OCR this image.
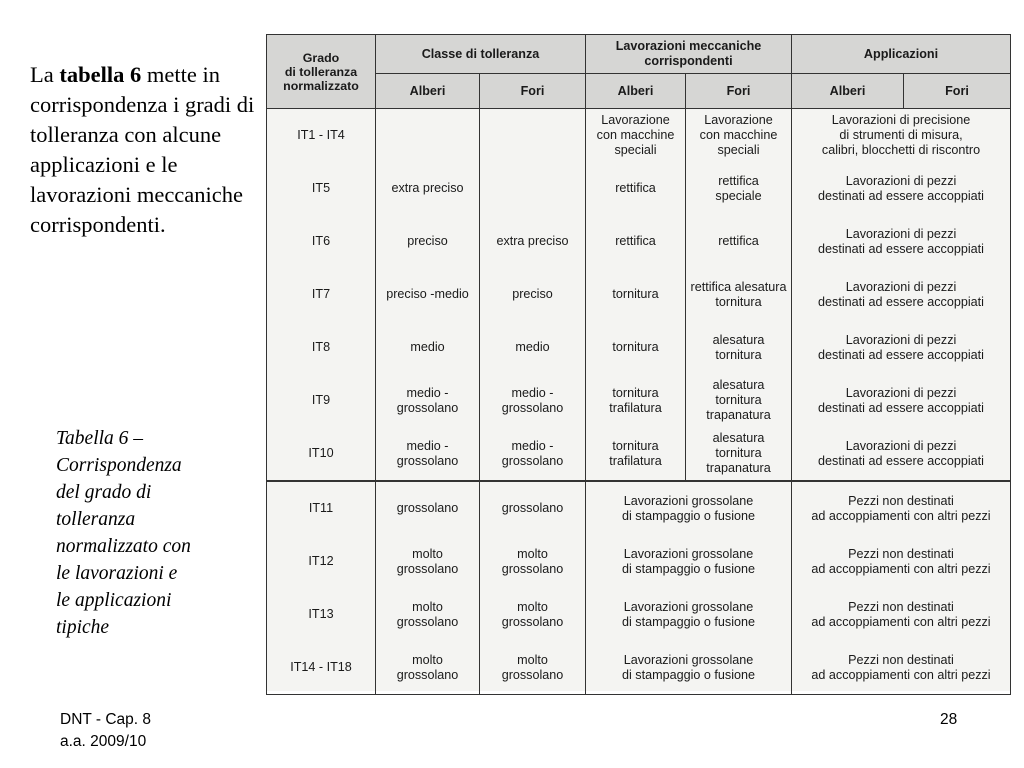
La tabella 6 mette in corrispondenza i gradi di tolleranza con alcune applicazioni e le lavorazioni meccaniche corrispondenti.
Tabella 6 –
Corrispondenza
del grado di
tolleranza
normalizzato con
le lavorazioni e
le applicazioni
tipiche
Grado
di tolleranza
normalizzato	Classe di tolleranza		Lavorazioni meccaniche
corrispondenti		Applicazioni	
	Alberi	Fori	Alberi	Fori	Alberi	Fori
IT1 - IT4			Lavorazione
con macchine
speciali	Lavorazione
con macchine
speciali	Lavorazioni di precisione
di strumenti di misura,
calibri, blocchetti di riscontro	

IT5	extra preciso		rettifica	rettifica
speciale	Lavorazioni di pezzi
destinati ad essere accoppiati	

IT6	preciso	extra preciso	rettifica	rettifica	Lavorazioni di pezzi
destinati ad essere accoppiati	

IT7	preciso -medio	preciso	tornitura	rettifica alesatura
tornitura	Lavorazioni di pezzi
destinati ad essere accoppiati	

IT8	medio	medio	tornitura	alesatura
tornitura	Lavorazioni di pezzi
destinati ad essere accoppiati	

IT9	medio -
grossolano	medio -
grossolano	tornitura
trafilatura	alesatura
tornitura
trapanatura	Lavorazioni di pezzi
destinati ad essere accoppiati	

IT10	medio -
grossolano	medio -
grossolano	tornitura
trafilatura	alesatura
tornitura
trapanatura	Lavorazioni di pezzi
destinati ad essere accoppiati	

IT11	grossolano	grossolano	Lavorazioni grossolane
di stampaggio o fusione		Pezzi non destinati
ad accoppiamenti con altri pezzi	

IT12	molto
grossolano	molto
grossolano	Lavorazioni grossolane
di stampaggio o fusione		Pezzi non destinati
ad accoppiamenti con altri pezzi	

IT13	molto
grossolano	molto
grossolano	Lavorazioni grossolane
di stampaggio o fusione		Pezzi non destinati
ad accoppiamenti con altri pezzi	

IT14 - IT18	molto
grossolano	molto
grossolano	Lavorazioni grossolane
di stampaggio o fusione		Pezzi non destinati
ad accoppiamenti con altri pezzi	
DNT - Cap. 8
a.a. 2009/10
28
